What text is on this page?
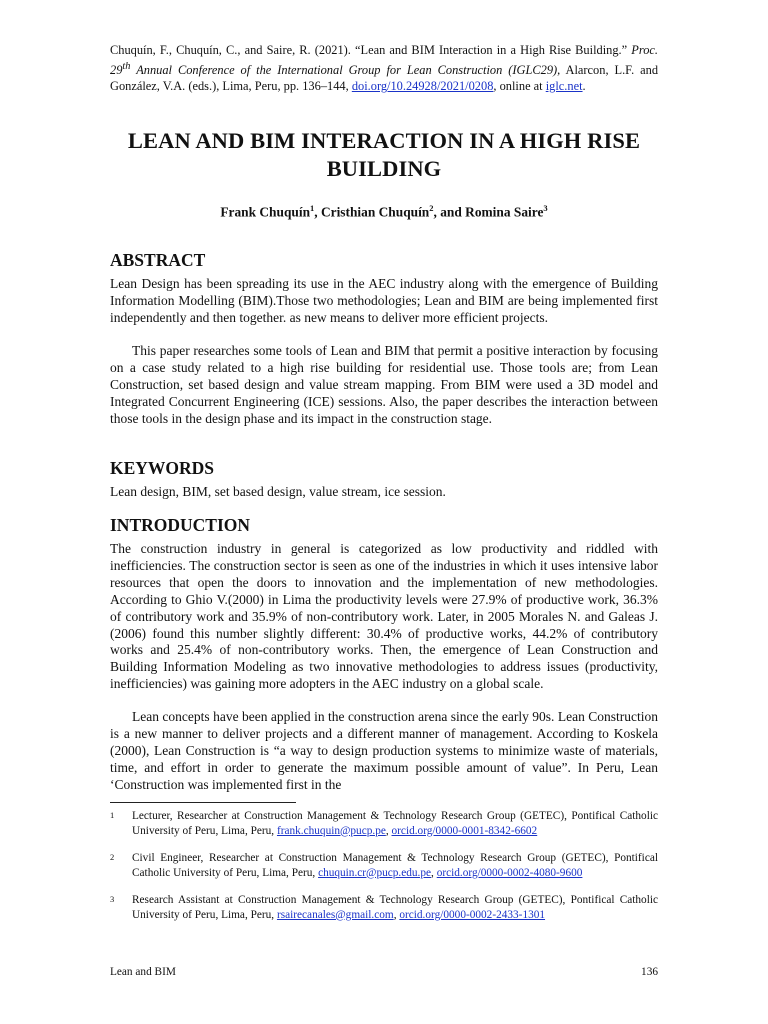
Chuquín, F., Chuquín, C., and Saire, R. (2021). “Lean and BIM Interaction in a High Rise Building.” Proc. 29th Annual Conference of the International Group for Lean Construction (IGLC29), Alarcon, L.F. and González, V.A. (eds.), Lima, Peru, pp. 136–144, doi.org/10.24928/2021/0208, online at iglc.net.
LEAN AND BIM INTERACTION IN A HIGH RISE BUILDING
Frank Chuquín$^1$, Cristhian Chuquín$^2$, and Romina Saire$^3$
ABSTRACT

Lean Design has been spreading its use in the AEC industry along with the emergence of Building Information Modelling (BIM).Those two methodologies; Lean and BIM are being implemented first independently and then together. as new means to deliver more efficient projects.

This paper researches some tools of Lean and BIM that permit a positive interaction by focusing on a case study related to a high rise building for residential use. Those tools are; from Lean Construction, set based design and value stream mapping. From BIM were used a 3D model and Integrated Concurrent Engineering (ICE) sessions. Also, the paper describes the interaction between those tools in the design phase and its impact in the construction stage.

KEYWORDS

Lean design, BIM, set based design, value stream, ice session.

INTRODUCTION

The construction industry in general is categorized as low productivity and riddled with inefficiencies. The construction sector is seen as one of the industries in which it uses intensive labor resources that open the doors to innovation and the implementation of new methodologies. According to Ghio V.(2000) in Lima the productivity levels were 27.9% of productive work, 36.3% of contributory work and 35.9% of non-contributory work. Later, in 2005 Morales N. and Galeas J. (2006) found this number slightly different: 30.4% of productive works, 44.2% of contributory works and 25.4% of non-contributory works. Then, the emergence of Lean Construction and Building Information Modeling as two innovative methodologies to address issues (productivity, inefficiencies) was gaining more adopters in the AEC industry on a global scale.

Lean concepts have been applied in the construction arena since the early 90s. Lean Construction is a new manner to deliver projects and a different manner of management. According to Koskela (2000), Lean Construction is “a way to design production systems to minimize waste of materials, time, and effort in order to generate the maximum possible amount of value”. In Peru, Lean ‘Construction was implemented first in the

1 Lecturer, Researcher at Construction Management & Technology Research Group (GETEC), Pontifical Catholic University of Peru, Lima, Peru, frank.chuquin@pucp.pe, orcid.org/0000-0001-8342-6602
2 Civil Engineer, Researcher at Construction Management & Technology Research Group (GETEC), Pontifical Catholic University of Peru, Lima, Peru, chuquin.cr@pucp.edu.pe, orcid.org/0000-0002-4080-9600
3 Research Assistant at Construction Management & Technology Research Group (GETEC), Pontifical Catholic University of Peru, Lima, Peru, rsairecanales@gmail.com, orcid.org/0000-0002-2433-1301
Lean and BIM	136
